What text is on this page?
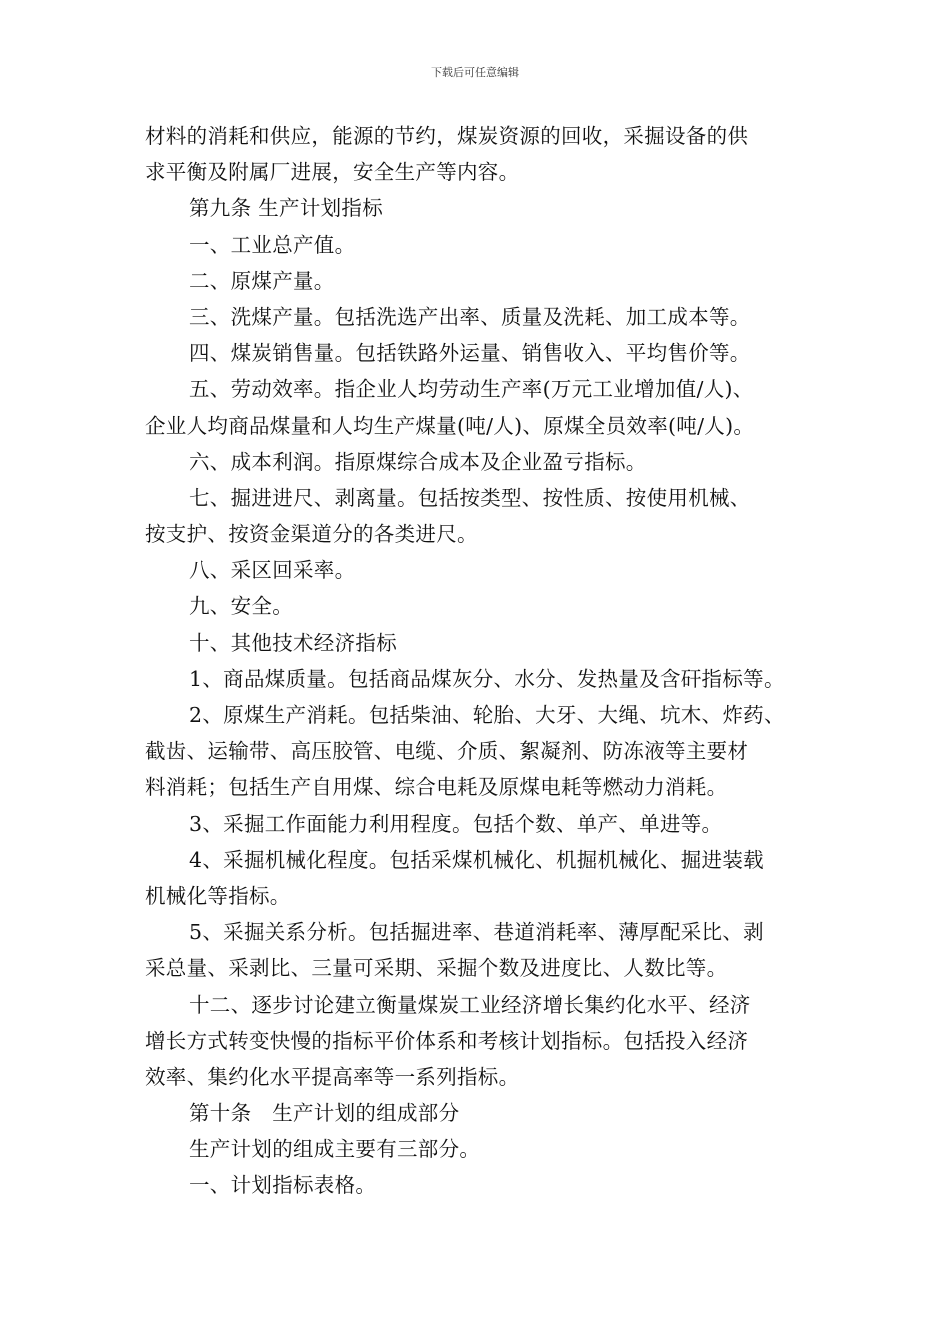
下载后可任意编辑
材料的消耗和供应，能源的节约，煤炭资源的回收，采掘设备的供
求平衡及附属厂进展，安全生产等内容。
第九条 生产计划指标
一、工业总产值。
二、原煤产量。
三、洗煤产量。包括洗选产出率、质量及洗耗、加工成本等。
四、煤炭销售量。包括铁路外运量、销售收入、平均售价等。
五、劳动效率。指企业人均劳动生产率(万元工业增加值/人)、
企业人均商品煤量和人均生产煤量(吨/人)、原煤全员效率(吨/人)。
六、成本利润。指原煤综合成本及企业盈亏指标。
七、掘进进尺、剥离量。包括按类型、按性质、按使用机械、
按支护、按资金渠道分的各类进尺。
八、采区回采率。
九、安全。
十、其他技术经济指标
1、商品煤质量。包括商品煤灰分、水分、发热量及含矸指标等。
2、原煤生产消耗。包括柴油、轮胎、大牙、大绳、坑木、炸药、
截齿、运输带、高压胶管、电缆、介质、絮凝剂、防冻液等主要材
料消耗；包括生产自用煤、综合电耗及原煤电耗等燃动力消耗。
3、采掘工作面能力利用程度。包括个数、单产、单进等。
4、采掘机械化程度。包括采煤机械化、机掘机械化、掘进装载
机械化等指标。
5、采掘关系分析。包括掘进率、巷道消耗率、薄厚配采比、剥
采总量、采剥比、三量可采期、采掘个数及进度比、人数比等。
十二、逐步讨论建立衡量煤炭工业经济增长集约化水平、经济
增长方式转变快慢的指标平价体系和考核计划指标。包括投入经济
效率、集约化水平提高率等一系列指标。
第十条　生产计划的组成部分
生产计划的组成主要有三部分。
一、计划指标表格。
